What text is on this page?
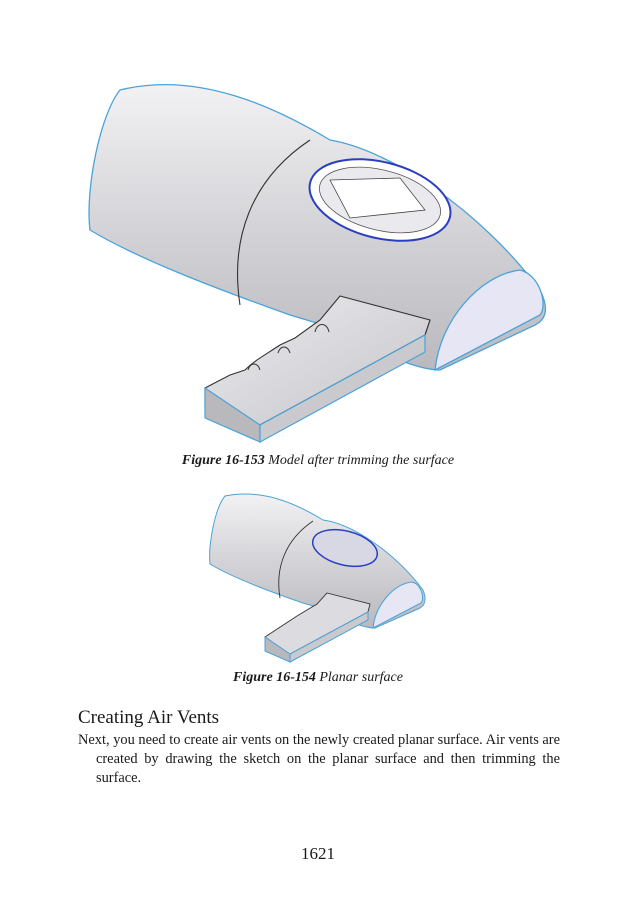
Figure 16-153 Model after trimming the surface
Figure 16-154 Planar surface
Creating Air Vents
Next, you need to create air vents on the newly created planar surface. Air vents are created by drawing the sketch on the planar surface and then trimming the surface.
1621
